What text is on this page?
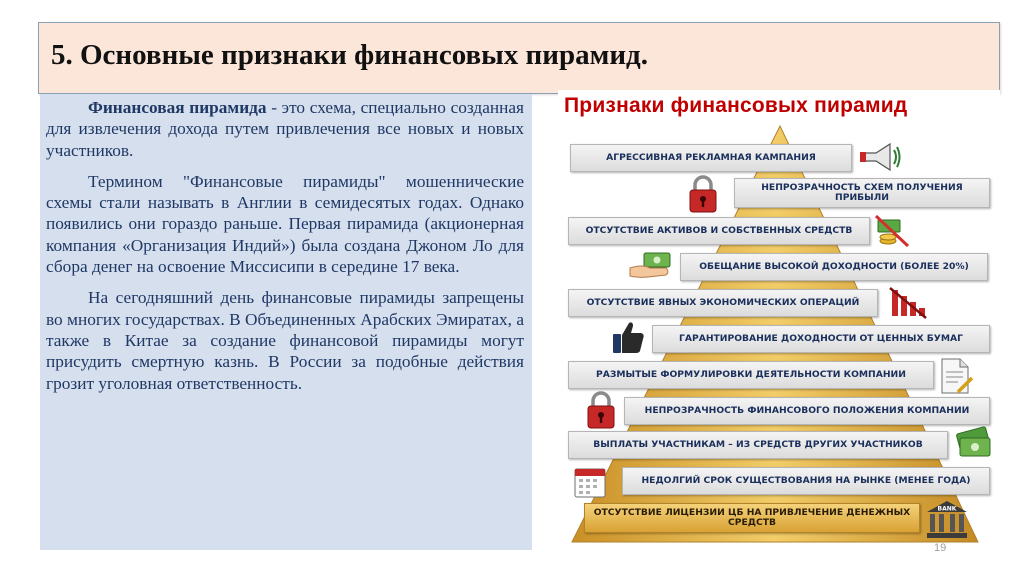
5. Основные признаки финансовых пирамид.

Финансовая пирамида - это схема, специально созданная для извлечения дохода путем привлечения все новых и новых участников.

Термином "Финансовые пирамиды" мошеннические схемы стали называть в Англии в семидесятых годах. Однако появились они гораздо раньше. Первая пирамида (акционерная компания «Организация Индий») была создана Джоном Ло для сбора денег на освоение Миссисипи в середине 17 века.

На сегодняшний день финансовые пирамиды запрещены во многих государствах. В Объединенных Арабских Эмиратах, а также в Китае за создание финансовой пирамиды могут присудить смертную казнь. В России за подобные действия грозит уголовная ответственность.

Признаки финансовых пирамид
АГРЕССИВНАЯ РЕКЛАМНАЯ КАМПАНИЯ
НЕПРОЗРАЧНОСТЬ СХЕМ ПОЛУЧЕНИЯ ПРИБЫЛИ
ОТСУТСТВИЕ АКТИВОВ И СОБСТВЕННЫХ СРЕДСТВ
ОБЕЩАНИЕ ВЫСОКОЙ ДОХОДНОСТИ (БОЛЕЕ 20%)
ОТСУТСТВИЕ ЯВНЫХ ЭКОНОМИЧЕСКИХ ОПЕРАЦИЙ
ГАРАНТИРОВАНИЕ ДОХОДНОСТИ ОТ ЦЕННЫХ БУМАГ
РАЗМЫТЫЕ ФОРМУЛИРОВКИ ДЕЯТЕЛЬНОСТИ КОМПАНИИ
НЕПРОЗРАЧНОСТЬ ФИНАНСОВОГО ПОЛОЖЕНИЯ КОМПАНИИ
ВЫПЛАТЫ УЧАСТНИКАМ – ИЗ СРЕДСТВ ДРУГИХ УЧАСТНИКОВ
НЕДОЛГИЙ СРОК СУЩЕСТВОВАНИЯ НА РЫНКЕ (МЕНЕЕ ГОДА)
ОТСУТСТВИЕ ЛИЦЕНЗИИ ЦБ НА ПРИВЛЕЧЕНИЕ ДЕНЕЖНЫХ СРЕДСТВ
BANK
19
